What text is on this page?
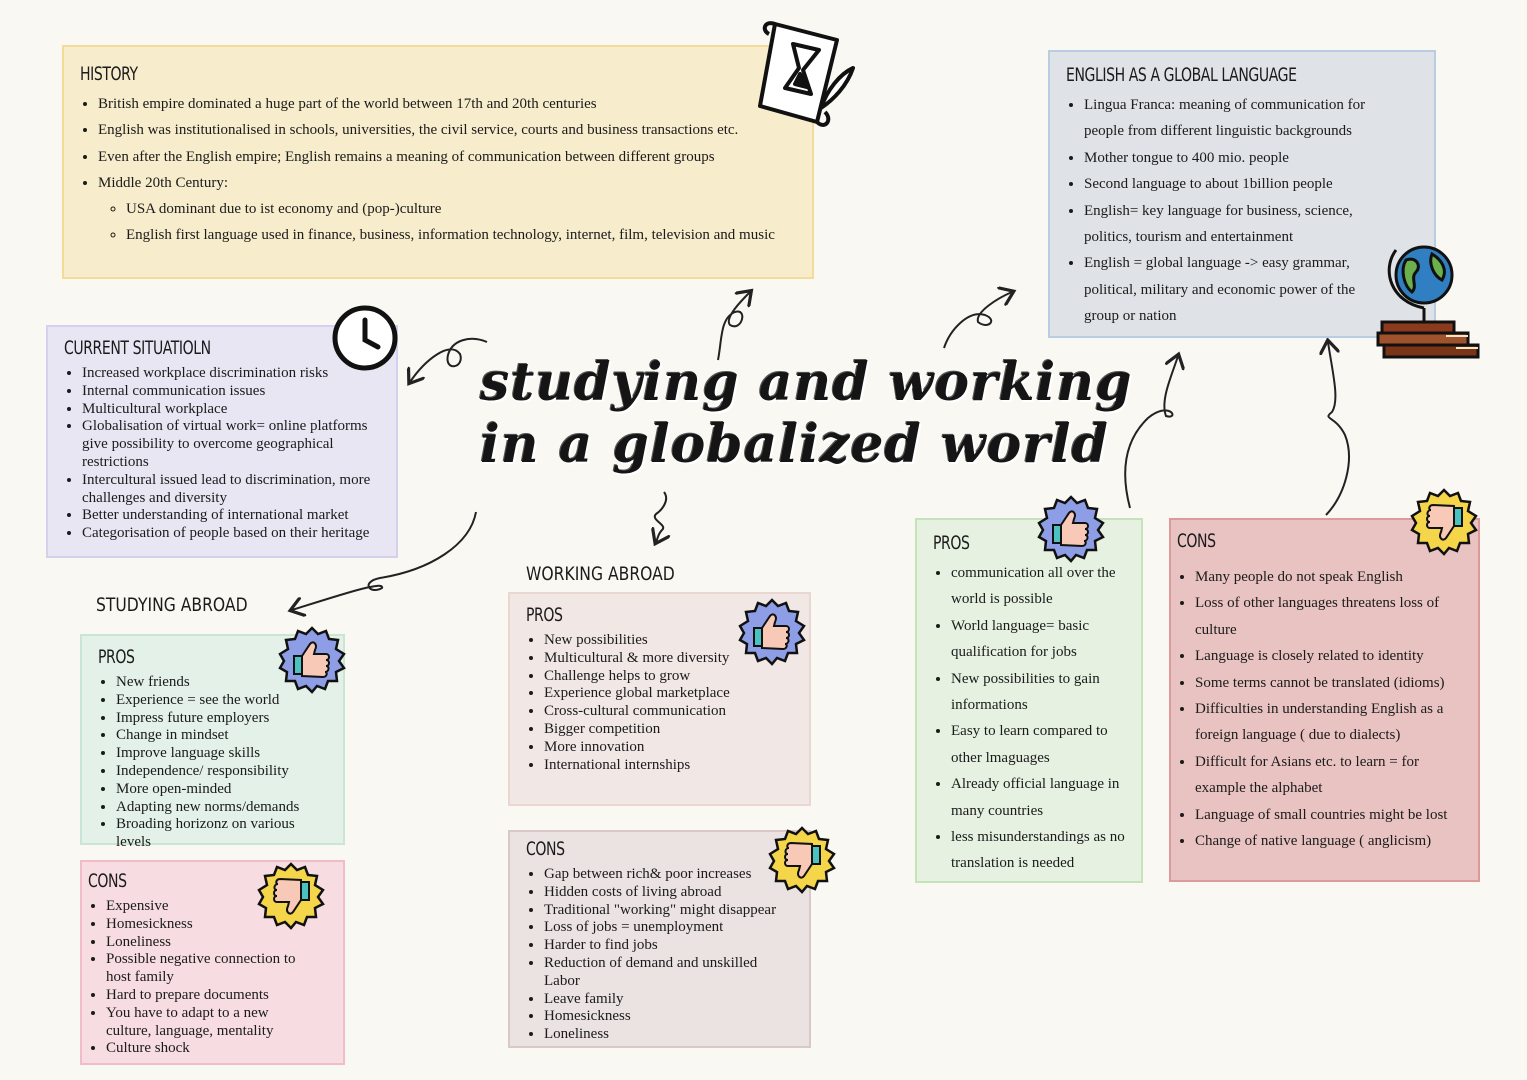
HISTORY
• British empire dominated a huge part of the world between 17th and 20th centuries
• English was institutionalised in schools, universities, the civil service, courts and business transactions etc.
• Even after the English empire; English remains a meaning of communication between different groups
• Middle 20th Century:
◦ USA dominant due to ist economy and (pop-)culture
◦ English first language used in finance, business, information technology, internet, film, television and music
ENGLISH AS A GLOBAL LANGUAGE
• Lingua Franca: meaning of communication for people from different linguistic backgrounds
• Mother tongue to 400 mio. people
• Second language to about 1billion people
• English= key language for business, science, politics, tourism and entertainment
• English = global language -> easy grammar, political, military and economic power of the group or nation
CURRENT SITUATIOLN
• Increased workplace discrimination risks
• Internal communication issues
• Multicultural workplace
• Globalisation of virtual work= online platforms give possibility to overcome geographical restrictions
• Intercultural issued lead to discrimination, more challenges and diversity
• Better understanding of international market
• Categorisation of people based on their heritage
studying and working
in a globalized world
STUDYING ABROAD
PROS
• New friends
• Experience = see the world
• Impress future employers
• Change in mindset
• Improve language skills
• Independence/ responsibility
• More open-minded
• Adapting new norms/demands
• Broading horizonz on various levels
CONS
• Expensive
• Homesickness
• Loneliness
• Possible negative connection to host family
• Hard to prepare documents
• You have to adapt to a new culture, language, mentality
• Culture shock
WORKING ABROAD
PROS
• New possibilities
• Multicultural & more diversity
• Challenge helps to grow
• Experience global marketplace
• Cross-cultural communication
• Bigger competition
• More innovation
• International internships
CONS
• Gap between rich& poor increases
• Hidden costs of living abroad
• Traditional "working" might disappear
• Loss of jobs = unemployment
• Harder to find jobs
• Reduction of demand and unskilled Labor
• Leave family
• Homesickness
• Loneliness
PROS
• communication all over the world is possible
• World language= basic qualification for jobs
• New possibilities to gain informations
• Easy to learn compared to other lmaguages
• Already official language in many countries
• less misunderstandings as no translation is needed
CONS
• Many people do not speak English
• Loss of other languages threatens loss of culture
• Language is closely related to identity
• Some terms cannot be translated (idioms)
• Difficulties in understanding English as a foreign language ( due to dialects)
• Difficult for Asians etc. to learn = for example the alphabet
• Language of small countries might be lost
• Change of native language ( anglicism)
